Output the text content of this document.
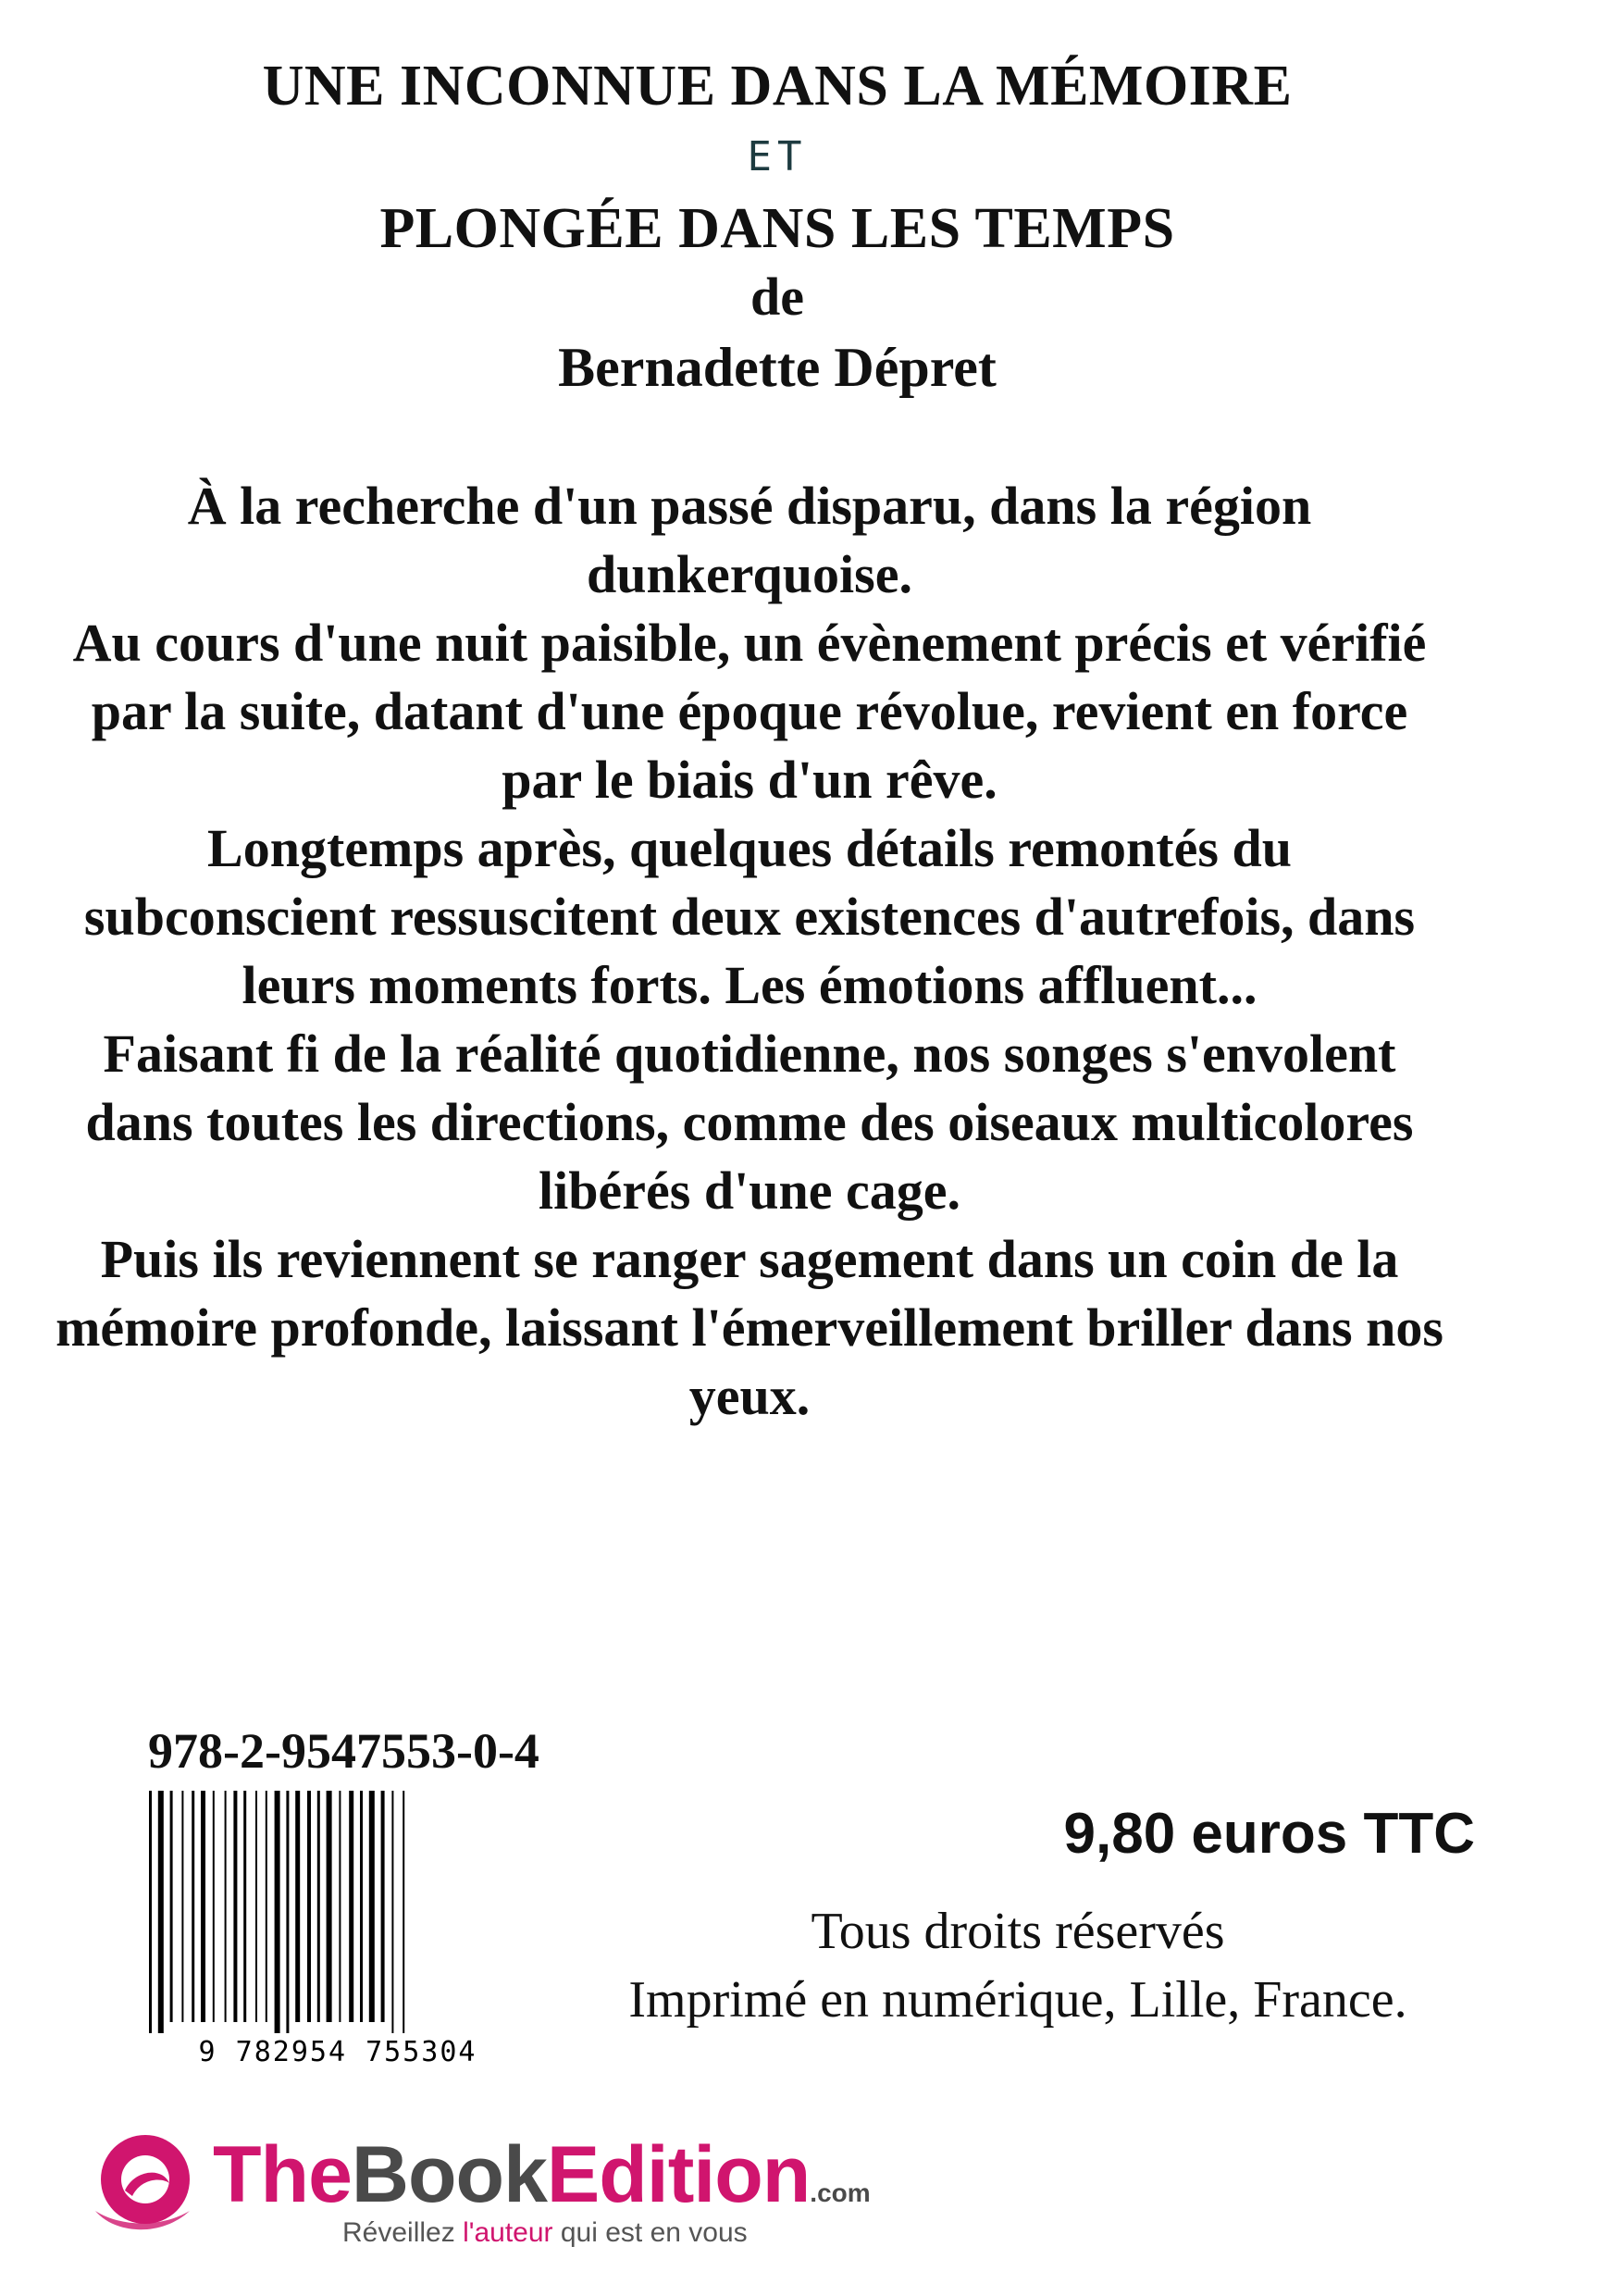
UNE INCONNUE DANS LA MÉMOIRE
ET
PLONGÉE DANS LES TEMPS
de
Bernadette Dépret

À la recherche d'un passé disparu, dans la région dunkerquoise.

Au cours d'une nuit paisible, un évènement précis et vérifié par la suite, datant d'une époque révolue, revient en force par le biais d'un rêve.

Longtemps après, quelques détails remontés du subconscient ressuscitent deux existences d'autrefois, dans leurs moments forts. Les émotions affluent...

Faisant fi de la réalité quotidienne, nos songes s'envolent dans toutes les directions, comme des oiseaux multicolores libérés d'une cage.

Puis ils reviennent se ranger sagement dans un coin de la mémoire profonde, laissant l'émerveillement briller dans nos yeux.

978-2-9547553-0-4
9 782954 755304
9,80 euros TTC

Tous droits réservés

Imprimé en numérique, Lille, France.

TheBookEdition.com
Réveillez l'auteur qui est en vous
